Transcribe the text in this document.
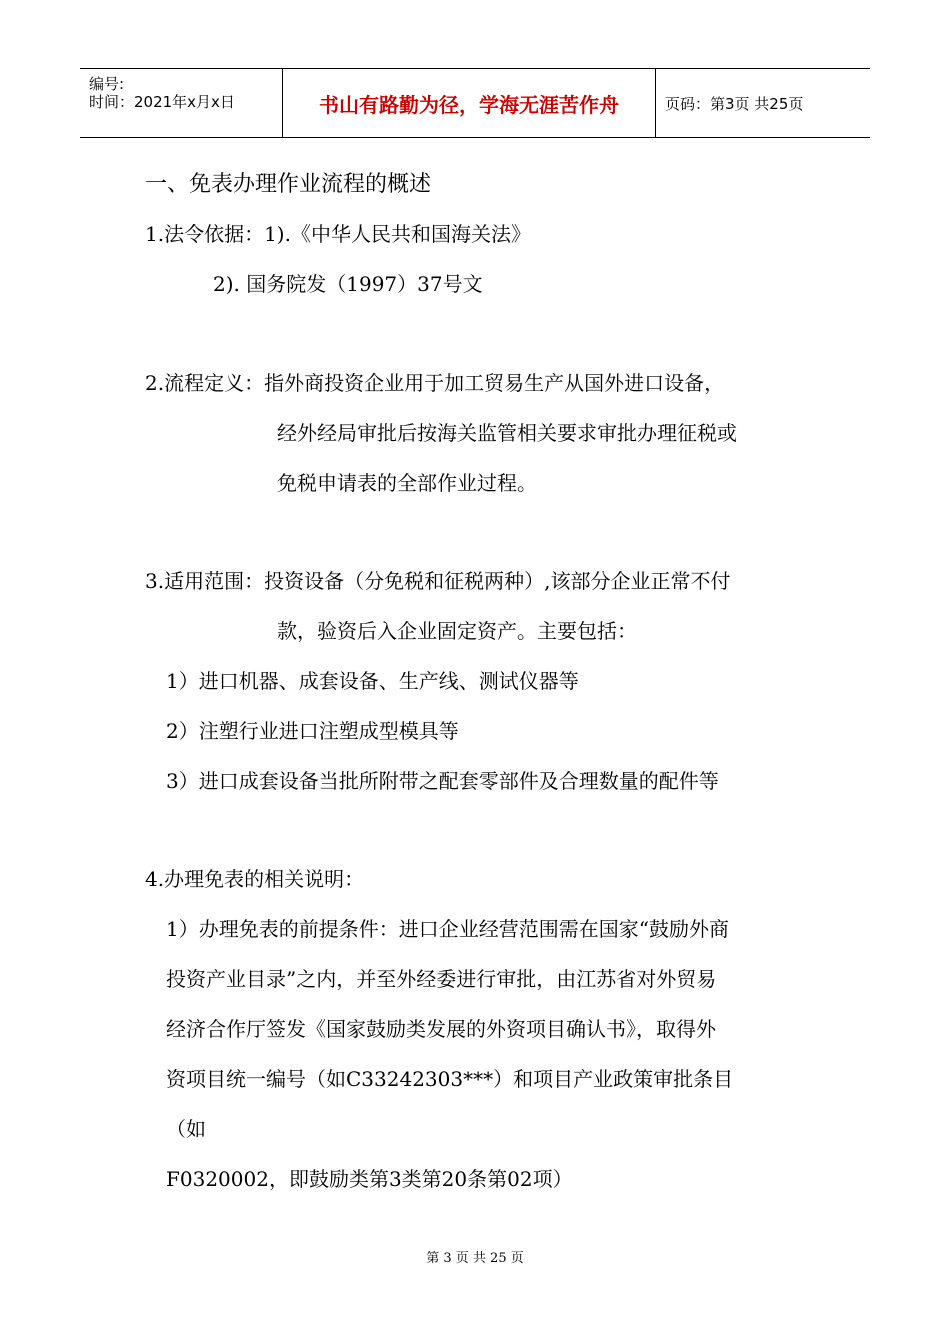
编号:
时间：2021年x月x日	书山有路勤为径，学海无涯苦作舟	页码：第3页 共25页
一、免表办理作业流程的概述
1.法令依据：1).《中华人民共和国海关法》
2). 国务院发（1997）37号文
2.流程定义：指外商投资企业用于加工贸易生产从国外进口设备，
经外经局审批后按海关监管相关要求审批办理征税或
免税申请表的全部作业过程。
3.适用范围：投资设备（分免税和征税两种）,该部分企业正常不付
款，验资后入企业固定资产。主要包括：
1）进口机器、成套设备、生产线、测试仪器等
2）注塑行业进口注塑成型模具等
3）进口成套设备当批所附带之配套零部件及合理数量的配件等
4.办理免表的相关说明：
1）办理免表的前提条件：进口企业经营范围需在国家“鼓励外商
投资产业目录”之内，并至外经委进行审批，由江苏省对外贸易
经济合作厅签发《国家鼓励类发展的外资项目确认书》，取得外
资项目统一编号（如C33242303***）和项目产业政策审批条目
（如
F0320002，即鼓励类第3类第20条第02项）
第 3 页 共 25 页
